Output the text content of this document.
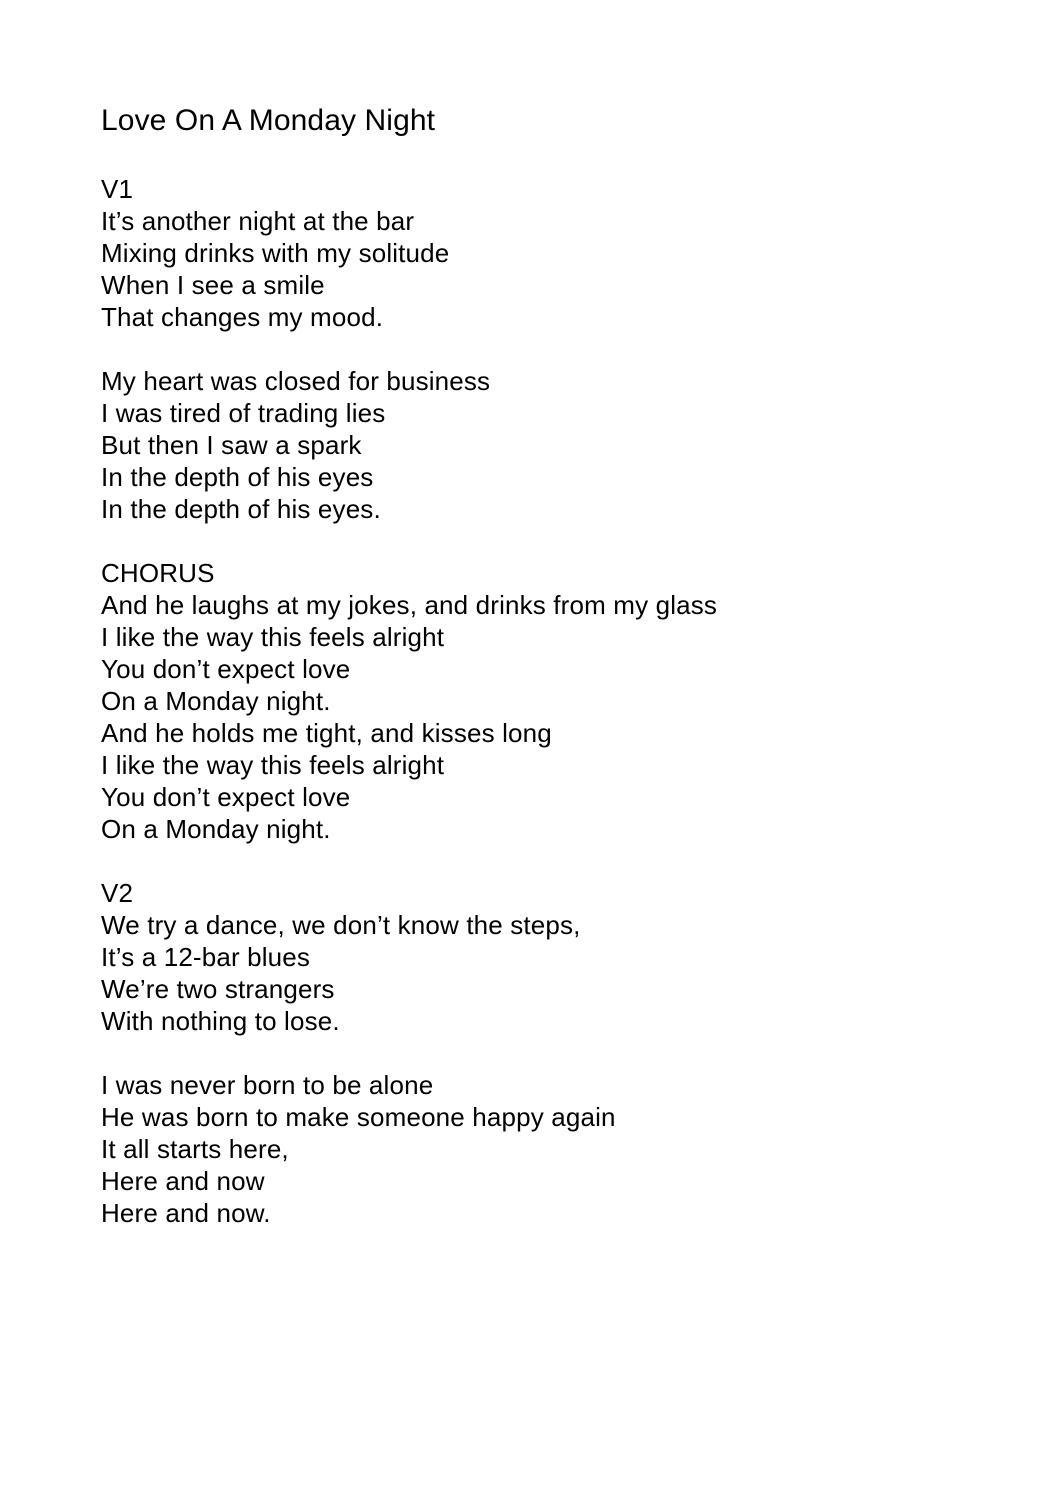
Love On A Monday Night

V1

It’s another night at the bar

Mixing drinks with my solitude

When I see a smile

That changes my mood.

My heart was closed for business

I was tired of trading lies

But then I saw a spark

In the depth of his eyes

In the depth of his eyes.

CHORUS

And he laughs at my jokes, and drinks from my glass

I like the way this feels alright

You don’t expect love

On a Monday night.

And he holds me tight, and kisses long

I like the way this feels alright

You don’t expect love

On a Monday night.

V2

We try a dance, we don’t know the steps,

It’s a 12-bar blues

We’re two strangers

With nothing to lose.

I was never born to be alone

He was born to make someone happy again

It all starts here,

Here and now

Here and now.
